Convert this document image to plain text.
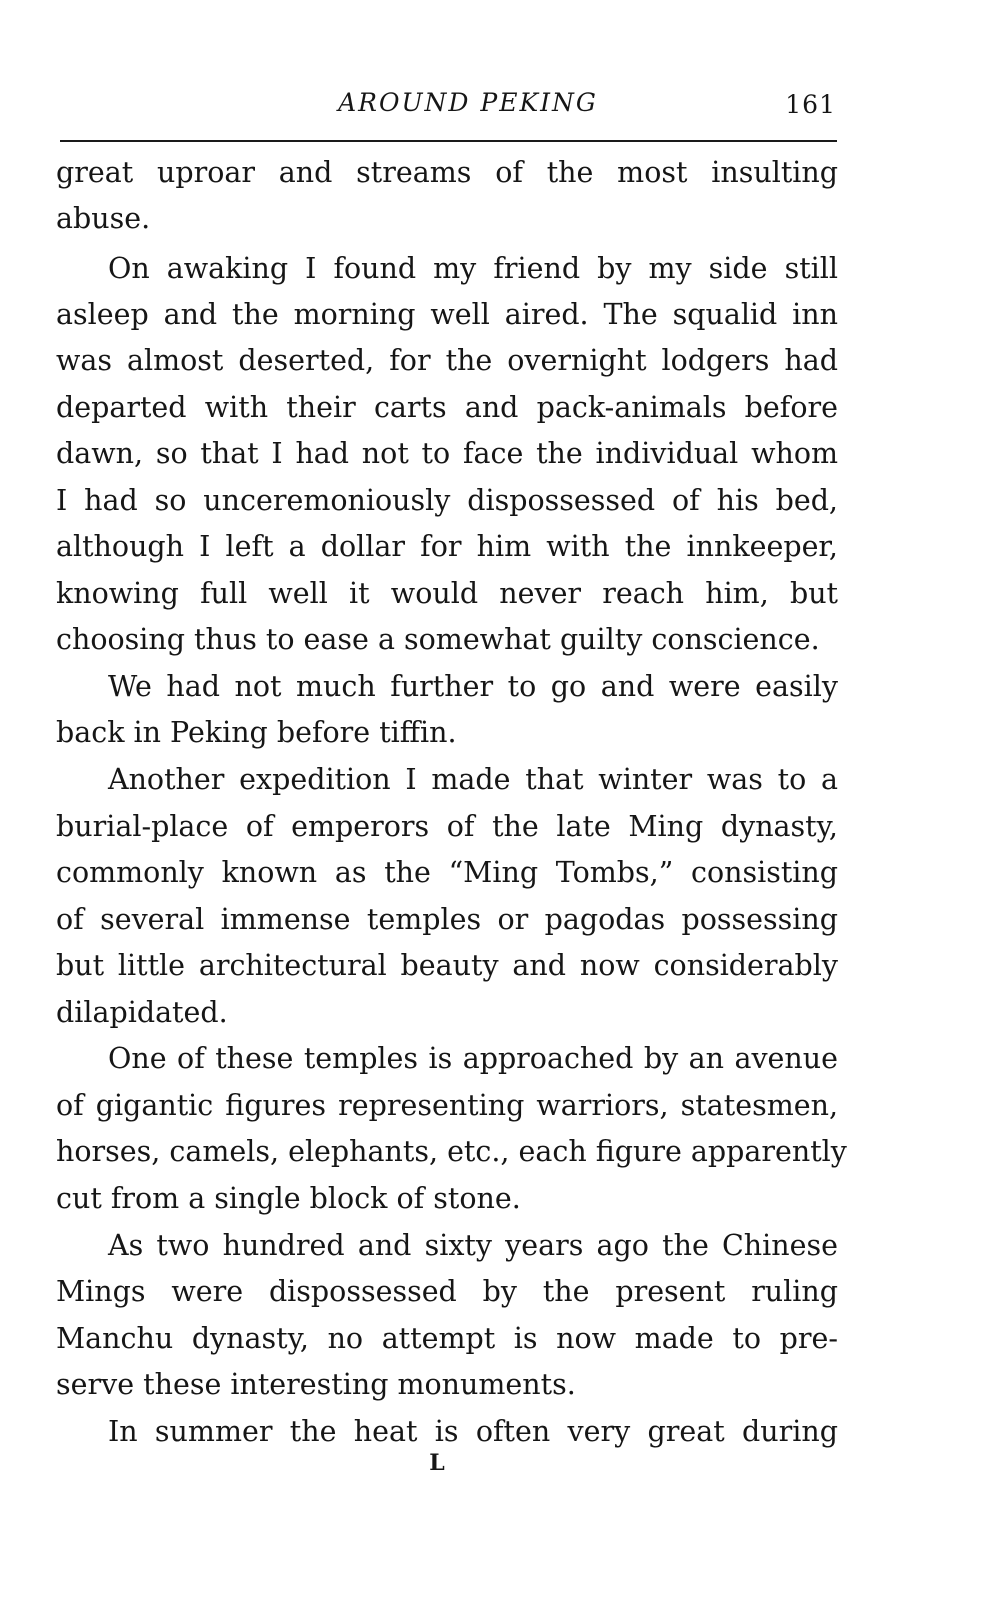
AROUND PEKING	161
great uproar and streams of the most insulting
abuse.
On awaking I found my friend by my side still
asleep and the morning well aired. The squalid inn
was almost deserted, for the overnight lodgers had
departed with their carts and pack-animals before
dawn, so that I had not to face the individual whom
I had so unceremoniously dispossessed of his bed,
although I left a dollar for him with the innkeeper,
knowing full well it would never reach him, but
choosing thus to ease a somewhat guilty conscience.
We had not much further to go and were easily
back in Peking before tiffin.
Another expedition I made that winter was to a
burial-place of emperors of the late Ming dynasty,
commonly known as the “Ming Tombs,” consisting
of several immense temples or pagodas possessing
but little architectural beauty and now considerably
dilapidated.
One of these temples is approached by an avenue
of gigantic figures representing warriors, statesmen,
horses, camels, elephants, etc., each figure apparently
cut from a single block of stone.
As two hundred and sixty years ago the Chinese
Mings were dispossessed by the present ruling
Manchu dynasty, no attempt is now made to pre-
serve these interesting monuments.
In summer the heat is often very great during
L
